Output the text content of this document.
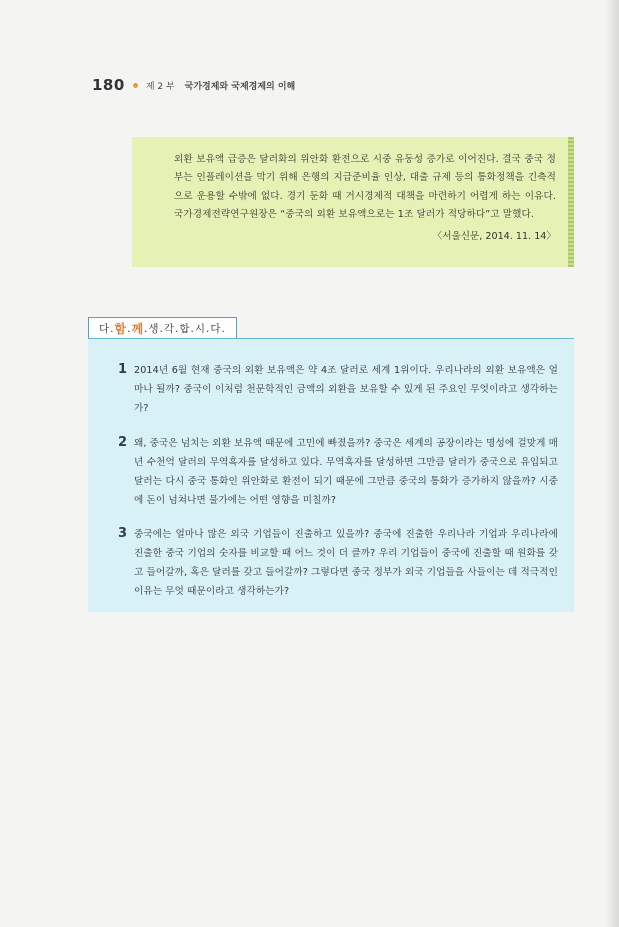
180 제 2 부 국가경제와 국제경제의 이해

외환 보유액 급증은 달러화의 위안화 환전으로 시중 유동성 증가로 이어진다. 결국 중국 정부는 인플레이션을 막기 위해 은행의 지급준비율 인상, 대출 규제 등의 통화정책을 긴축적으로 운용할 수밖에 없다. 경기 둔화 때 거시경제적 대책을 마련하기 어렵게 하는 이유다. 국가경제전략연구원장은 “중국의 외환 보유액으로는 1조 달러가 적당하다”고 말했다.

〈서울신문, 2014. 11. 14〉

다 . 함 . 께 . 생 . 각 . 합 . 시 . 다 .
1 2014년 6월 현재 중국의 외환 보유액은 약 4조 달러로 세계 1위이다. 우리나라의 외환 보유액은 얼마나 될까? 중국이 이처럼 천문학적인 금액의 외환을 보유할 수 있게 된 주요인 무엇이라고 생각하는가?

2 왜, 중국은 넘치는 외환 보유액 때문에 고민에 빠졌을까? 중국은 세계의 공장이라는 명성에 걸맞게 매년 수천억 달러의 무역흑자를 달성하고 있다. 무역흑자를 달성하면 그만큼 달러가 중국으로 유입되고 달러는 다시 중국 통화인 위안화로 환전이 되기 때문에 그만큼 중국의 통화가 증가하지 않을까? 시중에 돈이 넘쳐나면 물가에는 어떤 영향을 미칠까?

3 중국에는 얼마나 많은 외국 기업들이 진출하고 있을까? 중국에 진출한 우리나라 기업과 우리나라에 진출한 중국 기업의 숫자를 비교할 때 어느 것이 더 클까? 우리 기업들이 중국에 진출할 때 원화를 갖고 들어갈까, 혹은 달러를 갖고 들어갈까? 그렇다면 중국 정부가 외국 기업들을 사들이는 데 적극적인 이유는 무엇 때문이라고 생각하는가?
